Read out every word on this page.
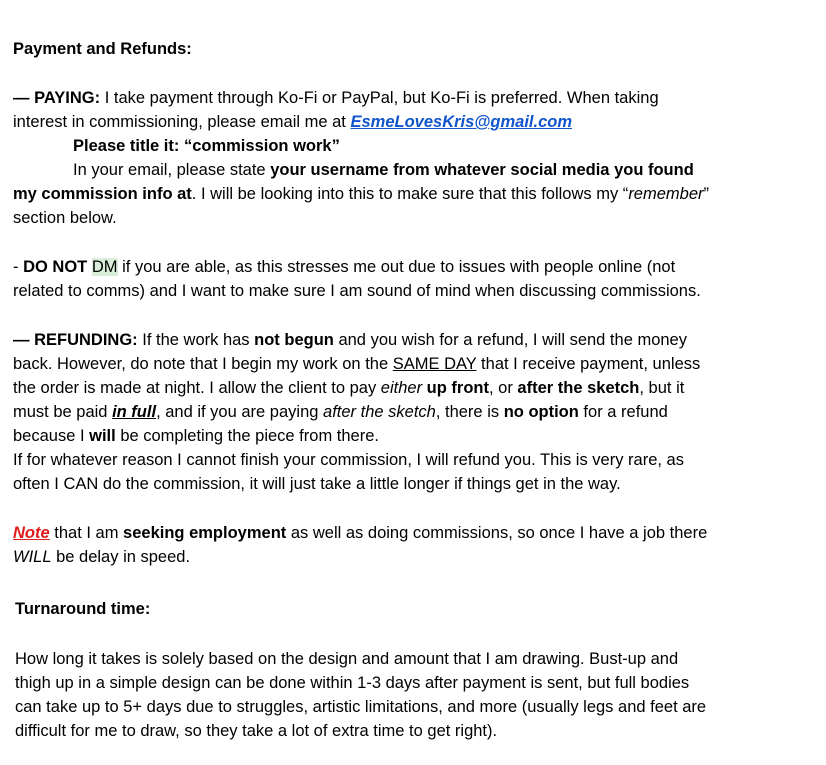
Payment and Refunds:
— PAYING: I take payment through Ko-Fi or PayPal, but Ko-Fi is preferred. When taking
interest in commissioning, please email me at EsmeLovesKris@gmail.com
Please title it: “commission work”
In your email, please state your username from whatever social media you found
my commission info at. I will be looking into this to make sure that this follows my “remember”
section below.
- DO NOT DM if you are able, as this stresses me out due to issues with people online (not
related to comms) and I want to make sure I am sound of mind when discussing commissions.
— REFUNDING: If the work has not begun and you wish for a refund, I will send the money
back. However, do note that I begin my work on the SAME DAY that I receive payment, unless
the order is made at night. I allow the client to pay either up front, or after the sketch, but it
must be paid in full, and if you are paying after the sketch, there is no option for a refund
because I will be completing the piece from there.
If for whatever reason I cannot finish your commission, I will refund you. This is very rare, as
often I CAN do the commission, it will just take a little longer if things get in the way.
Note that I am seeking employment as well as doing commissions, so once I have a job there
WILL be delay in speed.
Turnaround time:
How long it takes is solely based on the design and amount that I am drawing. Bust-up and
thigh up in a simple design can be done within 1-3 days after payment is sent, but full bodies
can take up to 5+ days due to struggles, artistic limitations, and more (usually legs and feet are
difficult for me to draw, so they take a lot of extra time to get right).
